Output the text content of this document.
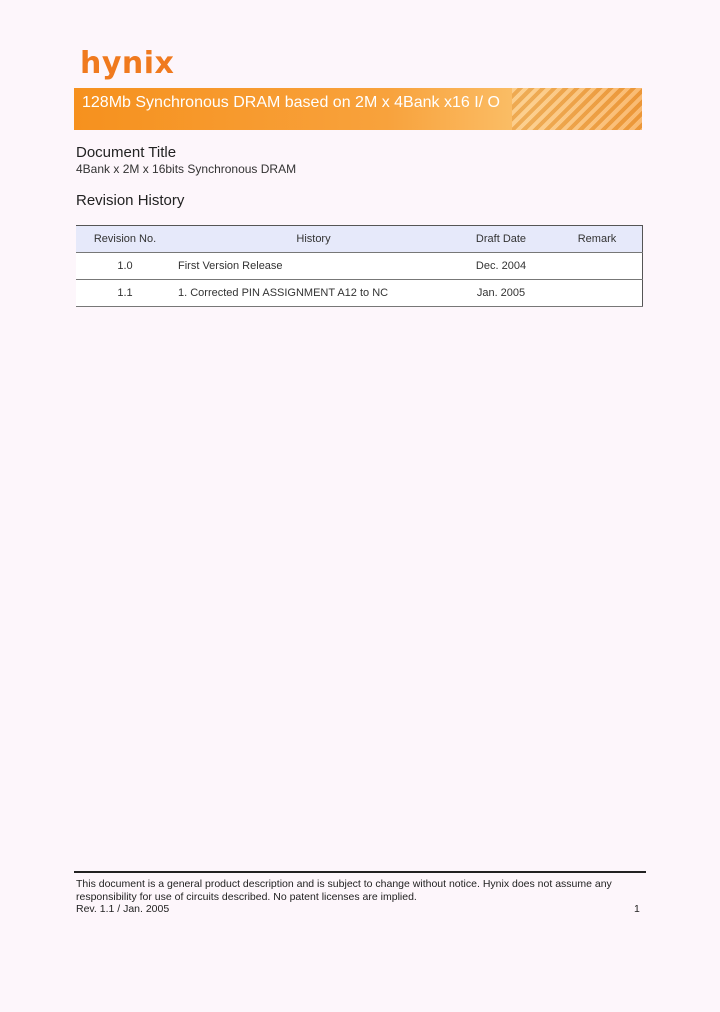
hynix
128Mb Synchronous DRAM based on 2M x 4Bank x16 I/ O
Document Title
4Bank x 2M x 16bits Synchronous DRAM
Revision History
Revision No.	History	Draft Date	Remark
1.0	First Version Release	Dec. 2004	
1.1	1. Corrected PIN ASSIGNMENT A12 to NC	Jan. 2005	
This document is a general product description and is subject to change without notice. Hynix does not assume any responsibility for use of circuits described. No patent licenses are implied.
Rev. 1.1 / Jan. 2005	1
